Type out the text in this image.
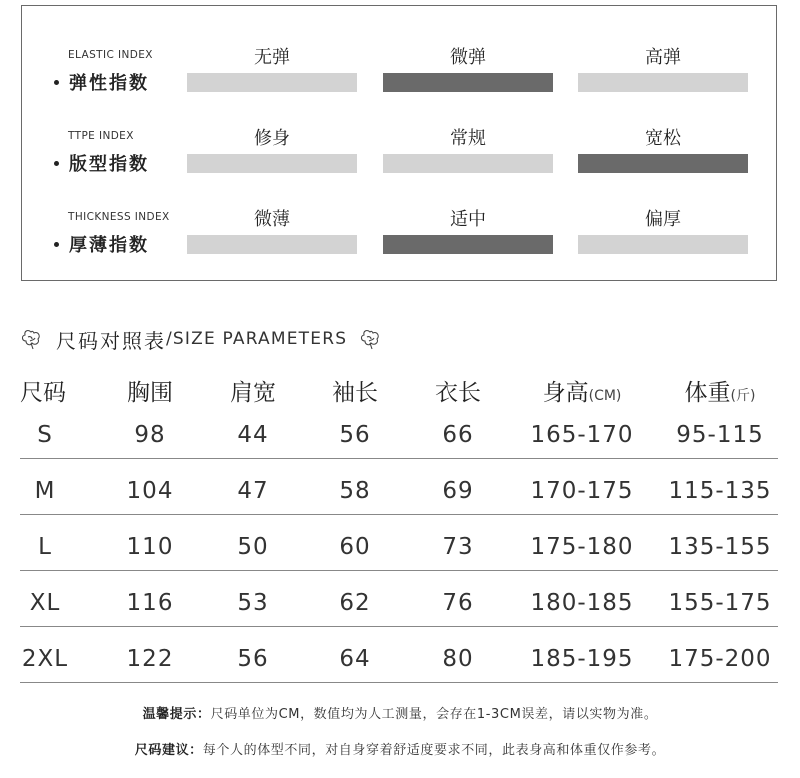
ELASTIC INDEX
弹性指数
无弹	微弹	高弹
TTPE INDEX
版型指数
修身	常规	宽松
THICKNESS INDEX
厚薄指数
微薄	适中	偏厚
尺码对照表 /SIZE PARAMETERS
尺码	胸围	肩宽	袖长	衣长	身高(CM)	体重(斤)
S	98	44	56	66	165-170	95-115
M	104	47	58	69	170-175	115-135
L	110	50	60	73	175-180	135-155
XL	116	53	62	76	180-185	155-175
2XL	122	56	64	80	185-195	175-200
温馨提示：尺码单位为CM，数值均为人工测量，会存在1-3CM误差，请以实物为准。
尺码建议：每个人的体型不同，对自身穿着舒适度要求不同，此表身高和体重仅作参考。
